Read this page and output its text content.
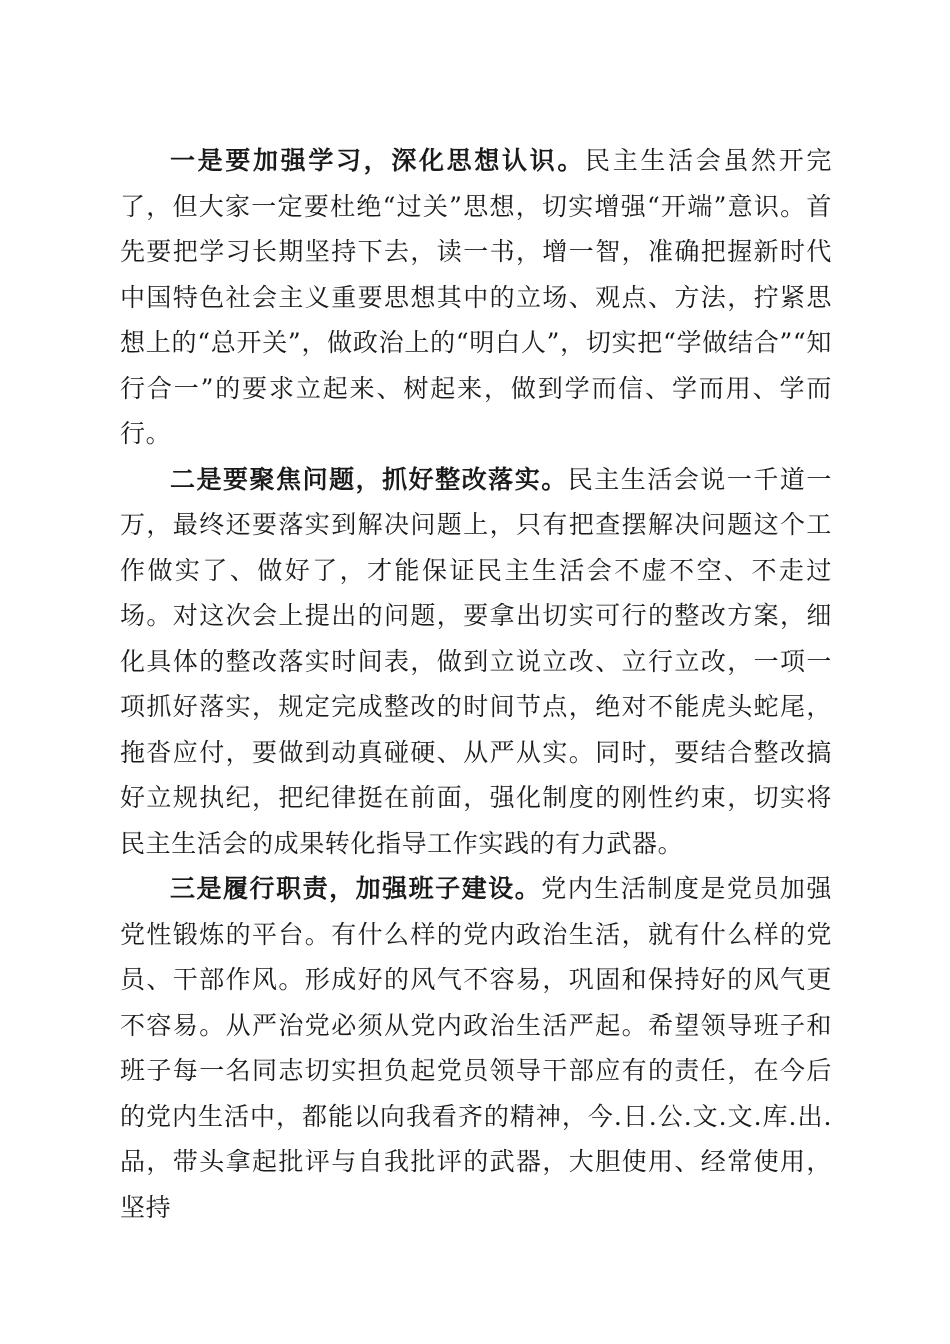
一是要加强学习，深化思想认识。民主生活会虽然开完了，但大家一定要杜绝“过关”思想，切实增强“开端”意识。首先要把学习长期坚持下去，读一书，增一智，准确把握新时代中国特色社会主义重要思想其中的立场、观点、方法，拧紧思想上的“总开关”，做政治上的“明白人”，切实把“学做结合”“知行合一”的要求立起来、树起来，做到学而信、学而用、学而行。

二是要聚焦问题，抓好整改落实。民主生活会说一千道一万，最终还要落实到解决问题上，只有把查摆解决问题这个工作做实了、做好了，才能保证民主生活会不虚不空、不走过场。对这次会上提出的问题，要拿出切实可行的整改方案，细化具体的整改落实时间表，做到立说立改、立行立改，一项一项抓好落实，规定完成整改的时间节点，绝对不能虎头蛇尾，拖沓应付，要做到动真碰硬、从严从实。同时，要结合整改搞好立规执纪，把纪律挺在前面，强化制度的刚性约束，切实将民主生活会的成果转化指导工作实践的有力武器。

三是履行职责，加强班子建设。党内生活制度是党员加强党性锻炼的平台。有什么样的党内政治生活，就有什么样的党员、干部作风。形成好的风气不容易，巩固和保持好的风气更不容易。从严治党必须从党内政治生活严起。希望领导班子和班子每一名同志切实担负起党员领导干部应有的责任，在今后的党内生活中，都能以向我看齐的精神，今.日.公.文.文.库.出.品，带头拿起批评与自我批评的武器，大胆使用、经常使用，坚持
